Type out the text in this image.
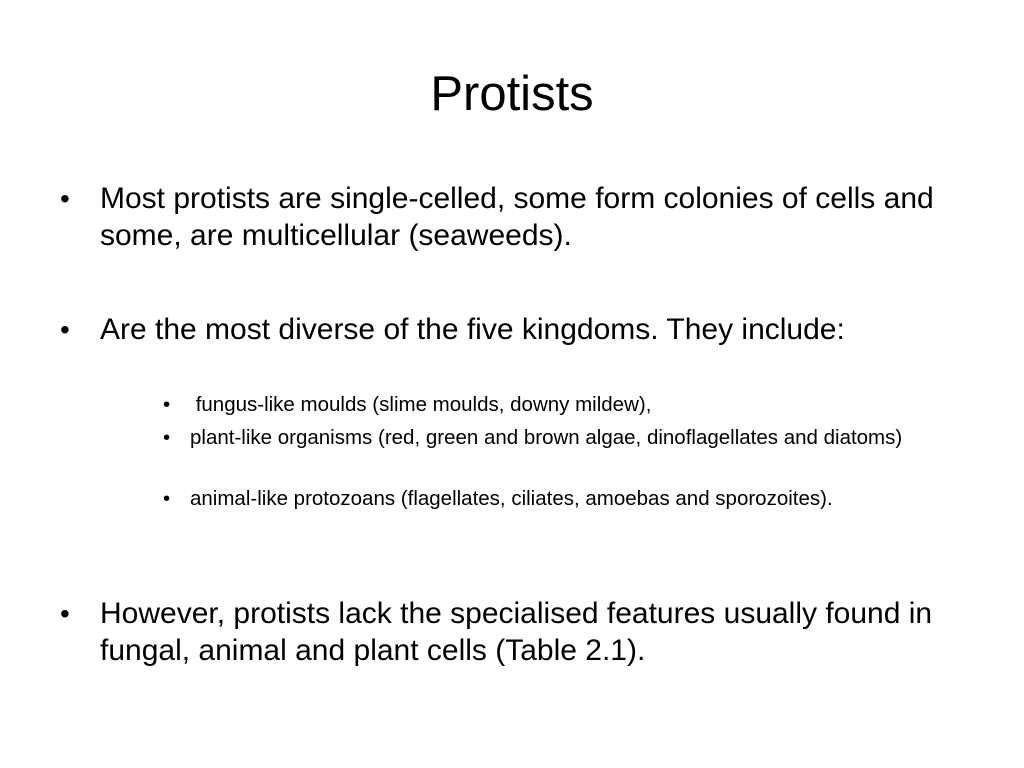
Protists
•	Most protists are single-celled, some form colonies of cells and some, are multicellular (seaweeds).
•	Are the most diverse of the five kingdoms. They include:
• fungus-like moulds (slime moulds, downy mildew),
• plant-like organisms (red, green and brown algae, dinoflagellates and diatoms)
• animal-like protozoans (flagellates, ciliates, amoebas and sporozoites).
•	However, protists lack the specialised features usually found in fungal, animal and plant cells (Table 2.1).
